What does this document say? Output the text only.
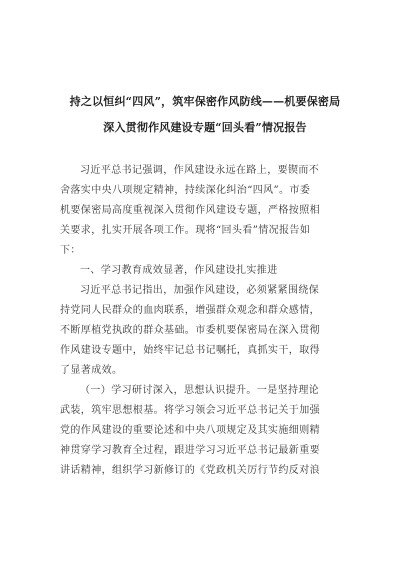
持之以恒纠“四风”，筑牢保密作风防线——机要保密局
深入贯彻作风建设专题“回头看”情况报告
习近平总书记强调，作风建设永远在路上，要锲而不
舍落实中央八项规定精神，持续深化纠治“四风”。市委
机要保密局高度重视深入贯彻作风建设专题，严格按照相
关要求，扎实开展各项工作。现将“回头看”情况报告如
下：
一、学习教育成效显著，作风建设扎实推进
习近平总书记指出，加强作风建设，必须紧紧围绕保
持党同人民群众的血肉联系，增强群众观念和群众感情，
不断厚植党执政的群众基础。市委机要保密局在深入贯彻
作风建设专题中，始终牢记总书记嘱托，真抓实干，取得
了显著成效。
（一）学习研讨深入，思想认识提升。一是坚持理论
武装，筑牢思想根基。将学习领会习近平总书记关于加强
党的作风建设的重要论述和中央八项规定及其实施细则精
神贯穿学习教育全过程，跟进学习习近平总书记最新重要
讲话精神，组织学习新修订的《党政机关厉行节约反对浪
